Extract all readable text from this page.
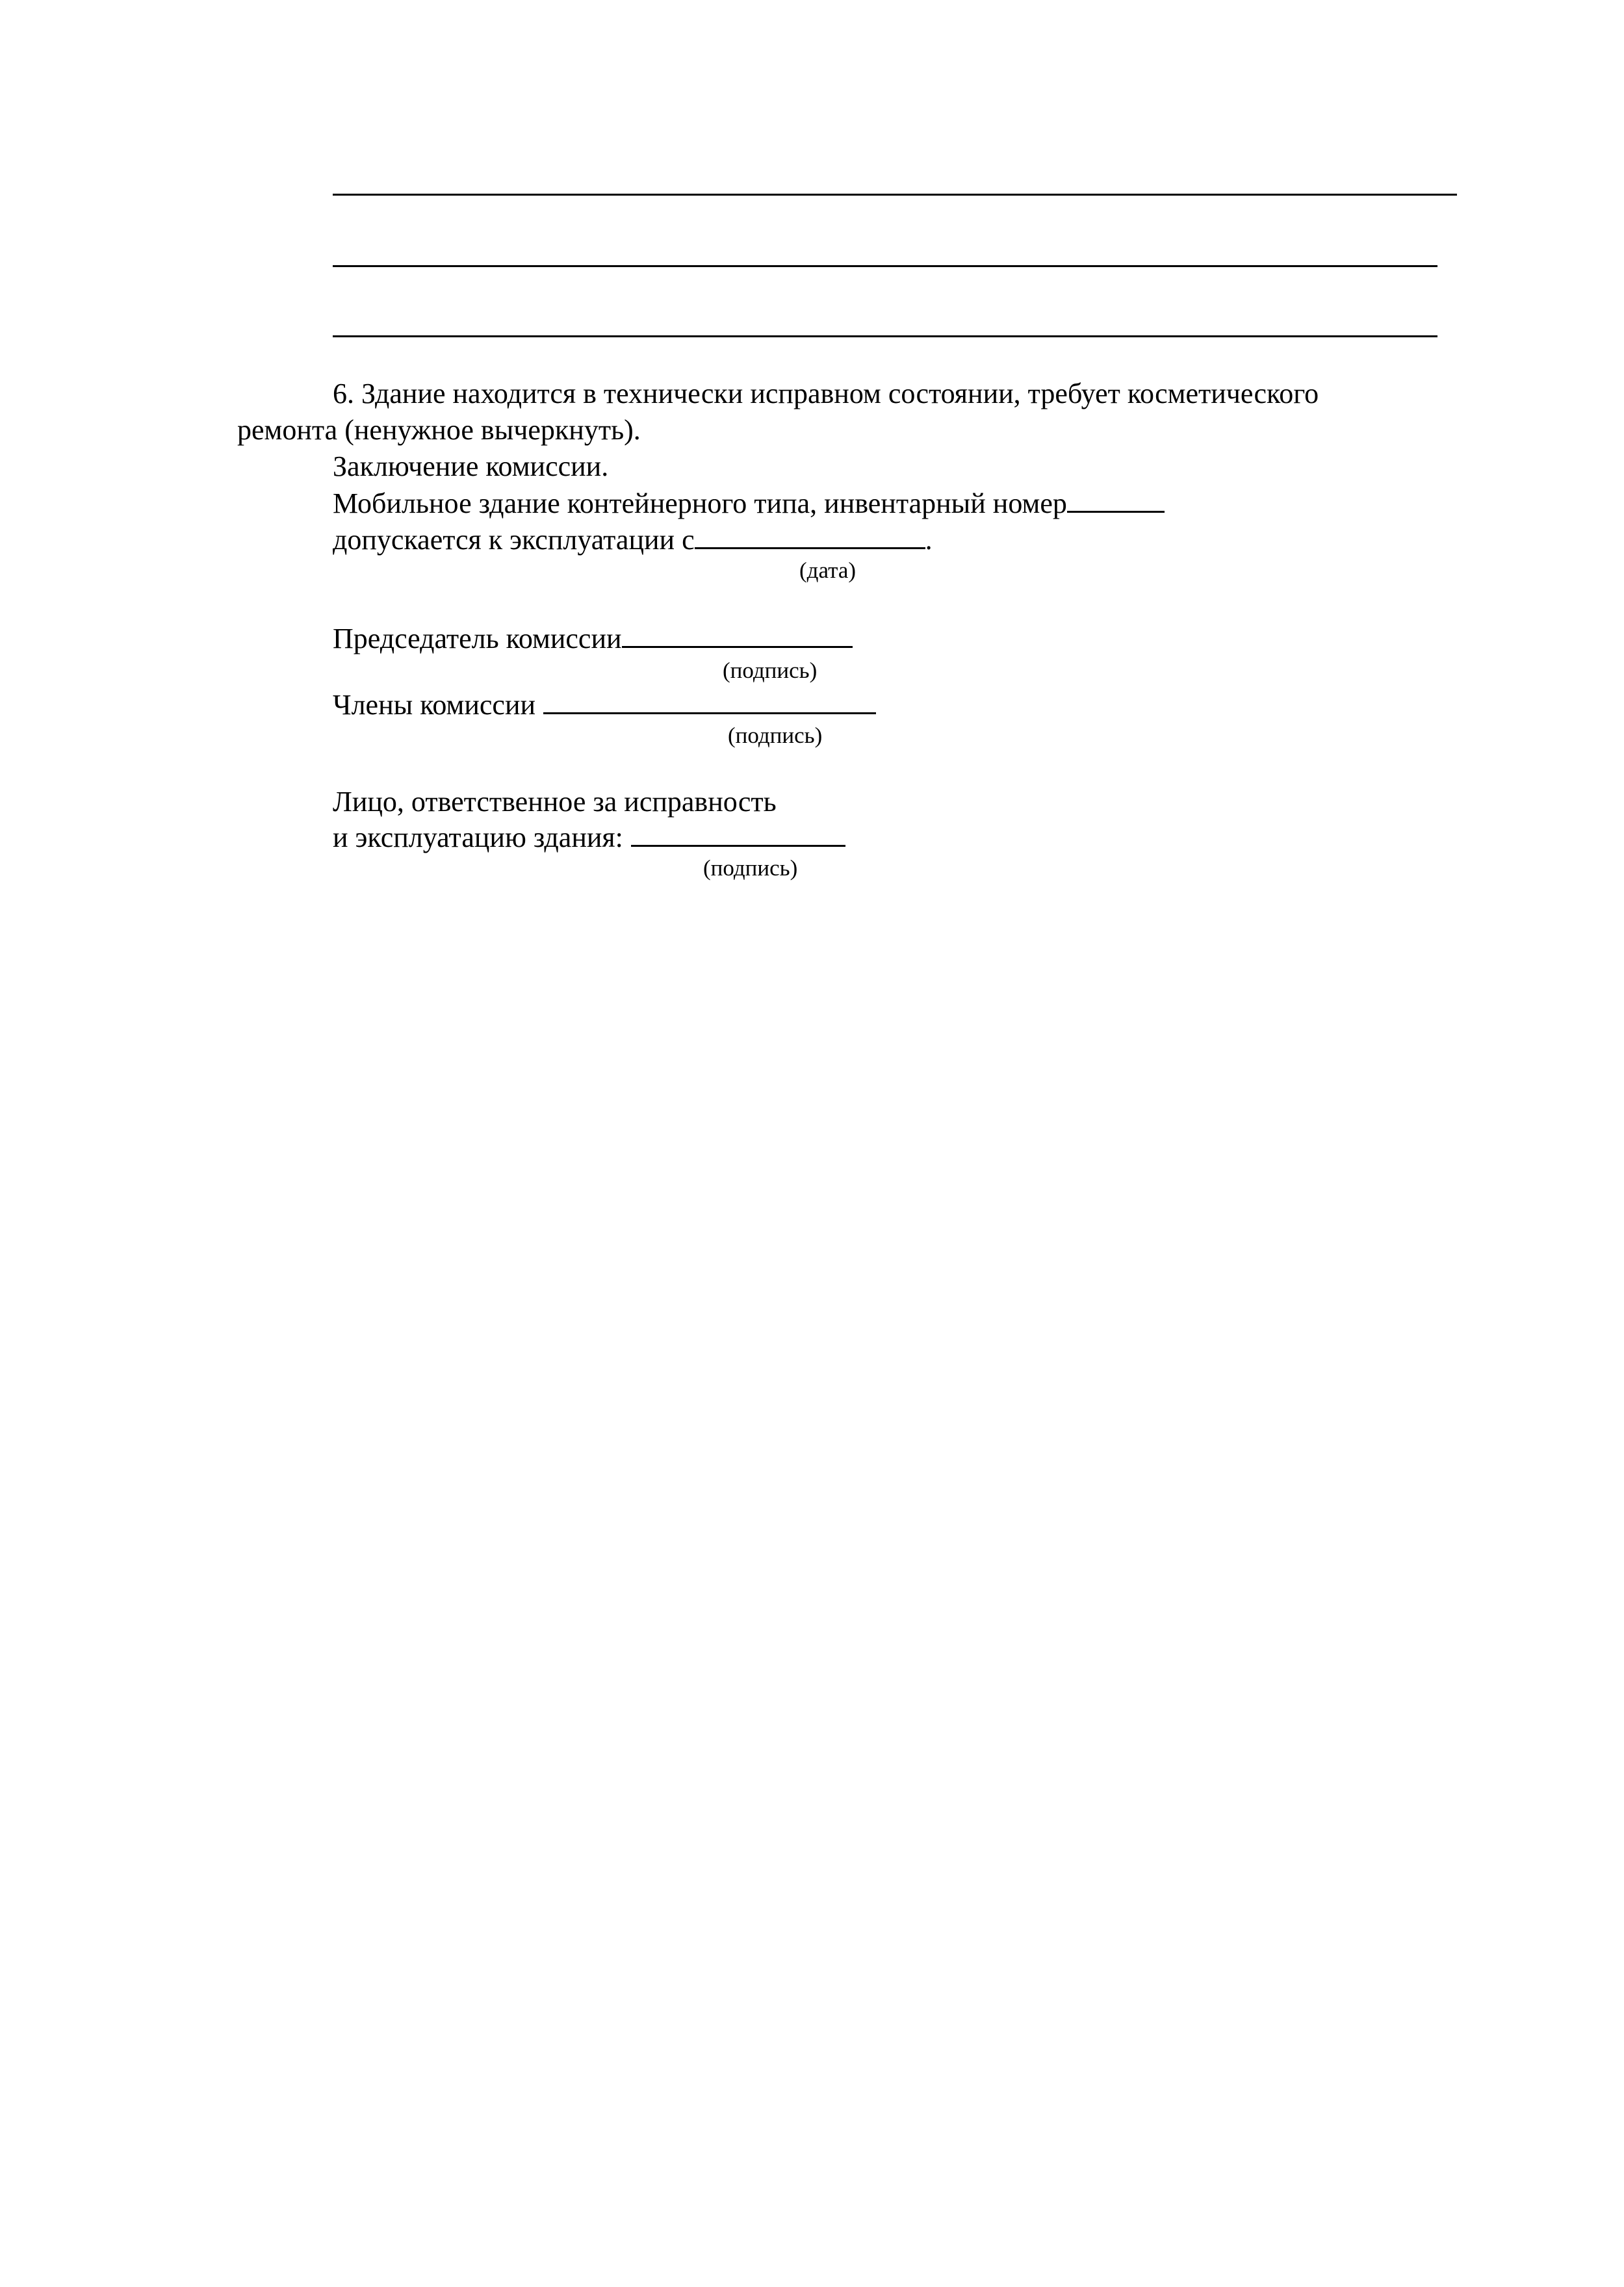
6. Здание находится в технически исправном состоянии, требует косметического
ремонта (ненужное вычеркнуть).
Заключение комиссии.
Мобильное здание контейнерного типа, инвентарный номер
допускается к эксплуатации с	.
(дата)
Председатель комиссии
(подпись)
Члены комиссии
(подпись)
Лицо, ответственное за исправность
и эксплуатацию здания:
(подпись)
